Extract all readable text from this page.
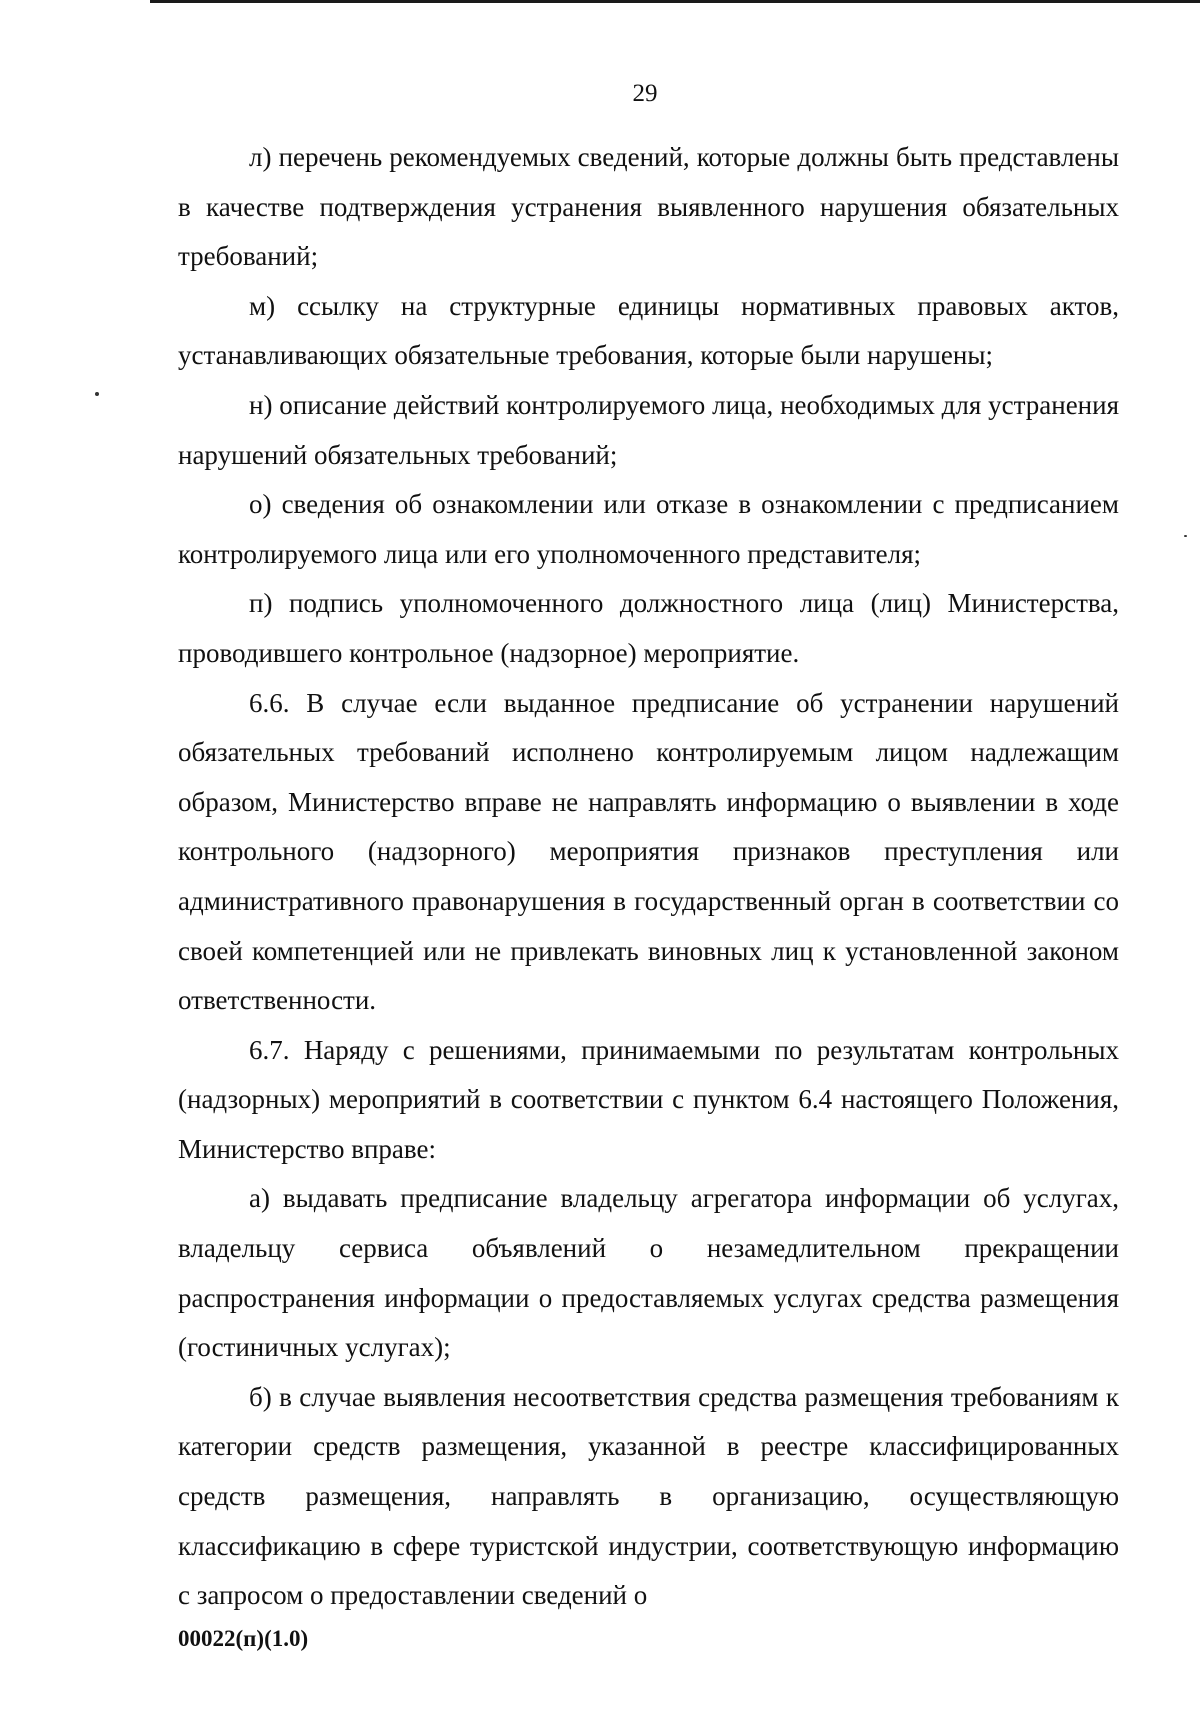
29

л) перечень рекомендуемых сведений, которые должны быть представлены в качестве подтверждения устранения выявленного нарушения обязательных требований;

м) ссылку на структурные единицы нормативных правовых актов, устанавливающих обязательные требования, которые были нарушены;

н) описание действий контролируемого лица, необходимых для устранения нарушений обязательных требований;

о) сведения об ознакомлении или отказе в ознакомлении с предписанием контролируемого лица или его уполномоченного представителя;

п) подпись уполномоченного должностного лица (лиц) Министерства, проводившего контрольное (надзорное) мероприятие.

6.6. В случае если выданное предписание об устранении нарушений обязательных требований исполнено контролируемым лицом надлежащим образом, Министерство вправе не направлять информацию о выявлении в ходе контрольного (надзорного) мероприятия признаков преступления или административного правонарушения в государственный орган в соответствии со своей компетенцией или не привлекать виновных лиц к установленной законом ответственности.

6.7. Наряду с решениями, принимаемыми по результатам контрольных (надзорных) мероприятий в соответствии с пунктом 6.4 настоящего Положения, Министерство вправе:

а) выдавать предписание владельцу агрегатора информации об услугах, владельцу сервиса объявлений о незамедлительном прекращении распространения информации о предоставляемых услугах средства размещения (гостиничных услугах);

б) в случае выявления несоответствия средства размещения требованиям к категории средств размещения, указанной в реестре классифицированных средств размещения, направлять в организацию, осуществляющую классификацию в сфере туристской индустрии, соответствующую информацию с запросом о предоставлении сведений о

00022(п)(1.0)
